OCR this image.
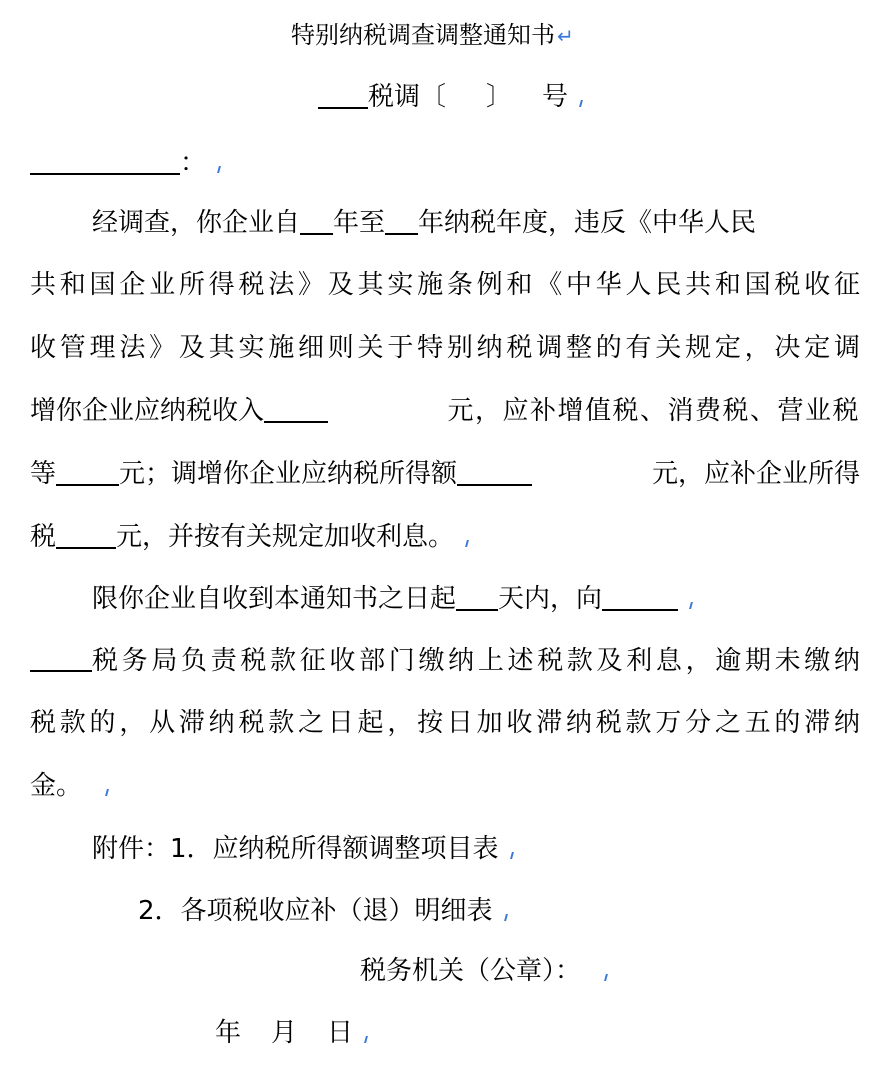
特别纳税调查调整通知书 ↵
税调〔 〕 号
：
经调查，你企业自 年至 年纳税年度，违反《中华人民
共和国企业所得税法》及其实施条例和《中华人民共和国税收征
收管理法》及其实施细则关于特别纳税调整的有关规定，决定调
增你企业应纳税收入	元，应补增值税、消费税、营业税
等 元；调增你企业应纳税所得额	元，应补企业所得
税 元，并按有关规定加收利息。
限你企业自收到本通知书之日起 天内，向
税务局负责税款征收部门缴纳上述税款及利息，逾期未缴纳
税款的，从滞纳税款之日起，按日加收滞纳税款万分之五的滞纳
金。
附件：1．应纳税所得额调整项目表
2．各项税收应补（退）明细表
税务机关（公章）：
年 月 日
